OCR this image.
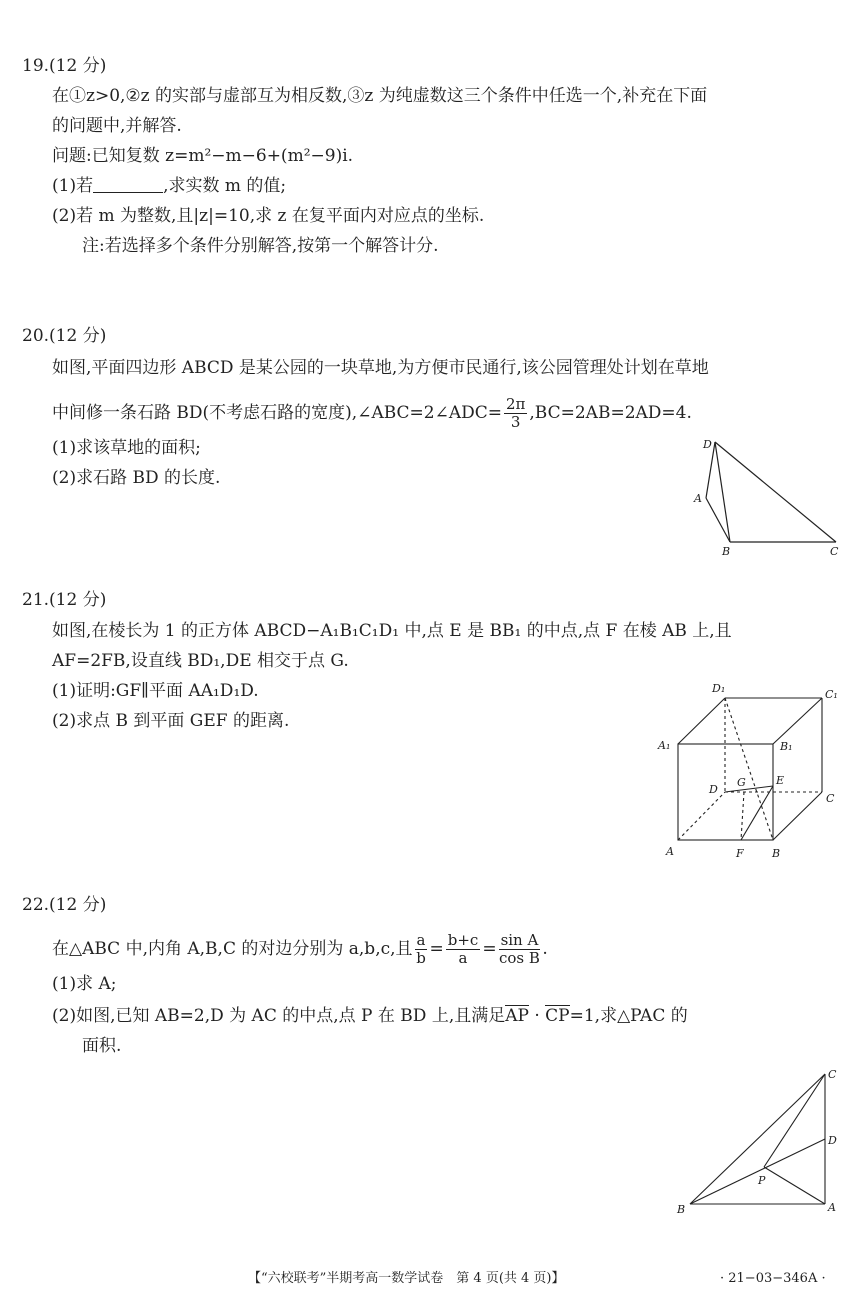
19.(12 分)
在①z>0,②z 的实部与虚部互为相反数,③z 为纯虚数这三个条件中任选一个,补充在下面
的问题中,并解答.
问题:已知复数 z=m²−m−6+(m²−9)i.
(1)若	,求实数 m 的值;
(2)若 m 为整数,且|z|=10,求 z 在复平面内对应点的坐标.
注:若选择多个条件分别解答,按第一个解答计分.
20.(12 分)
如图,平面四边形 ABCD 是某公园的一块草地,为方便市民通行,该公园管理处计划在草地
中间修一条石路 BD(不考虑石路的宽度),∠ABC=2∠ADC= $\frac{2\pi}{3} ,BC=2AB=2AD=4$.
(1)求该草地的面积;
(2)求石路 BD 的长度.
D
A
B	C
21.(12 分)
如图,在棱长为 1 的正方体 ABCD−A₁B₁C₁D₁ 中,点 E 是 BB₁ 的中点,点 F 在棱 AB 上,且
AF=2FB,设直线 BD₁,DE 相交于点 G.
(1)证明:GF∥平面 AA₁D₁D.
(2)求点 B 到平面 GEF 的距离.
D₁	C₁
A₁	B₁
D
G	E
C
A	F	B
22.(12 分)
在△ABC 中,内角 A,B,C 的对边分别为 a,b,c,且 $\frac{a}{b} = \frac{b+c}{a} = \frac{\text{sin A}}{\text{cos B}}$ .
(1)求 A;
(2)如图,已知 AB=2,D 为 AC 的中点,点 P 在 BD 上,且满足AP · CP=1,求△PAC 的
面积.
C
D
P
B	A
【“六校联考”半期考高一数学试卷　第 4 页(共 4 页)】	· 21−03−346A ·
